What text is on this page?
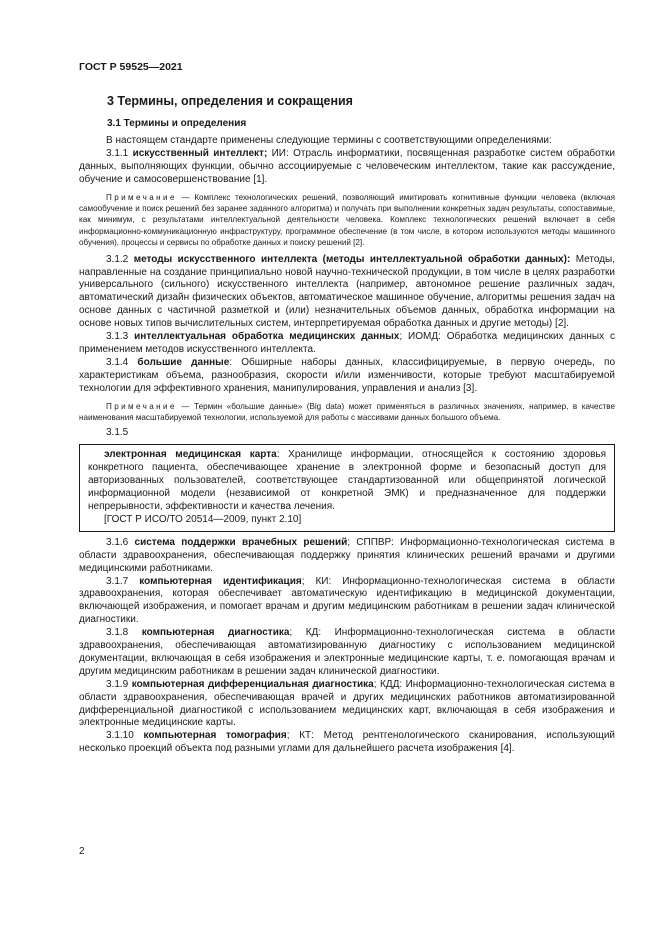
ГОСТ Р 59525—2021
3 Термины, определения и сокращения
3.1 Термины и определения

В настоящем стандарте применены следующие термины с соответствующими определениями:

3.1.1 искусственный интеллект; ИИ: Отрасль информатики, посвященная разработке систем обработки данных, выполняющих функции, обычно ассоциируемые с человеческим интеллектом, такие как рассуждение, обучение и самосовершенствование [1].

Примечание — Комплекс технологических решений, позволяющий имитировать когнитивные функции человека (включая самообучение и поиск решений без заранее заданного алгоритма) и получать при выполнении конкретных задач результаты, сопоставимые, как минимум, с результатами интеллектуальной деятельности человека. Комплекс технологических решений включает в себя информационно-коммуникационную инфраструктуру, программное обеспечение (в том числе, в котором используются методы машинного обучения), процессы и сервисы по обработке данных и поиску решений [2].

3.1.2 методы искусственного интеллекта (методы интеллектуальной обработки данных): Методы, направленные на создание принципиально новой научно-технической продукции, в том числе в целях разработки универсального (сильного) искусственного интеллекта (например, автономное решение различных задач, автоматический дизайн физических объектов, автоматическое машинное обучение, алгоритмы решения задач на основе данных с частичной разметкой и (или) незначительных объемов данных, обработка информации на основе новых типов вычислительных систем, интерпретируемая обработка данных и другие методы) [2].

3.1.3 интеллектуальная обработка медицинских данных; ИОМД: Обработка медицинских данных с применением методов искусственного интеллекта.

3.1.4 большие данные: Обширные наборы данных, классифицируемые, в первую очередь, по характеристикам объема, разнообразия, скорости и/или изменчивости, которые требуют масштабируемой технологии для эффективного хранения, манипулирования, управления и анализ [3].

Примечание — Термин «большие данные» (Big data) может применяться в различных значениях, например, в качестве наименования масштабируемой технологии, используемой для работы с массивами данных большого объема.

3.1.5

электронная медицинская карта: Хранилище информации, относящейся к состоянию здоровья конкретного пациента, обеспечивающее хранение в электронной форме и безопасный доступ для авторизованных пользователей, соответствующее стандартизованной или общепринятой логической информационной модели (независимой от конкретной ЭМК) и предназначенное для поддержки непрерывности, эффективности и качества лечения.

[ГОСТ Р ИСО/ТО 20514—2009, пункт 2.10]

3.1.6 система поддержки врачебных решений; СППВР: Информационно-технологическая система в области здравоохранения, обеспечивающая поддержку принятия клинических решений врачами и другими медицинскими работниками.

3.1.7 компьютерная идентификация; КИ: Информационно-технологическая система в области здравоохранения, которая обеспечивает автоматическую идентификацию в медицинской документации, включающей изображения, и помогает врачам и другим медицинским работникам в решении задач клинической диагностики.

3.1.8 компьютерная диагностика; КД: Информационно-технологическая система в области здравоохранения, обеспечивающая автоматизированную диагностику с использованием медицинской документации, включающая в себя изображения и электронные медицинские карты, т. е. помогающая врачам и другим медицинским работникам в решении задач клинической диагностики.

3.1.9 компьютерная дифференциальная диагностика; КДД: Информационно-технологическая система в области здравоохранения, обеспечивающая врачей и других медицинских работников автоматизированной дифференциальной диагностикой с использованием медицинских карт, включающая в себя изображения и электронные медицинские карты.

3.1.10 компьютерная томография; КТ: Метод рентгенологического сканирования, использующий несколько проекций объекта под разными углами для дальнейшего расчета изображения [4].

2
